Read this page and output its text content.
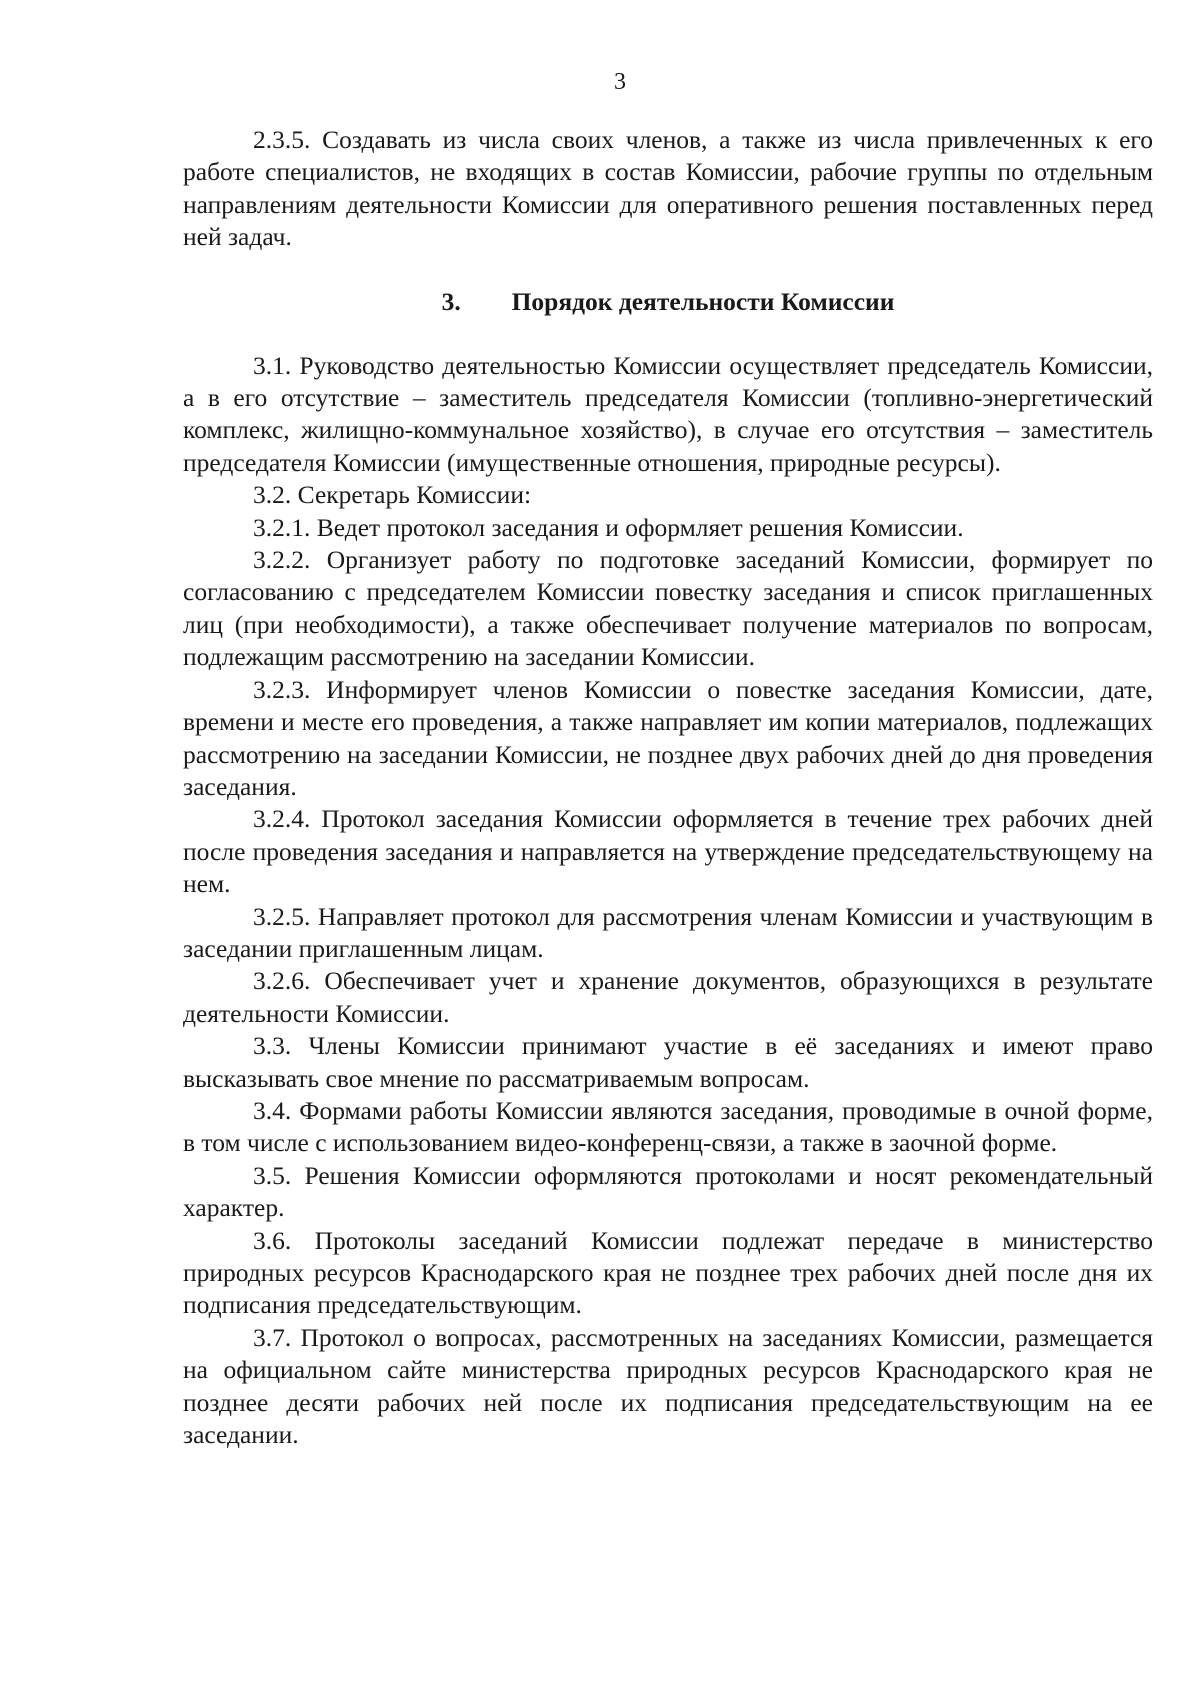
3

2.3.5. Создавать из числа своих членов, а также из числа привлеченных к его работе специалистов, не входящих в состав Комиссии, рабочие группы по отдельным направлениям деятельности Комиссии для оперативного решения поставленных перед ней задач.

3. Порядок деятельности Комиссии

3.1. Руководство деятельностью Комиссии осуществляет председатель Комиссии, а в его отсутствие – заместитель председателя Комиссии (топливно-энергетический комплекс, жилищно-коммунальное хозяйство), в случае его отсутствия – заместитель председателя Комиссии (имущественные отношения, природные ресурсы).

3.2. Секретарь Комиссии:

3.2.1. Ведет протокол заседания и оформляет решения Комиссии.

3.2.2. Организует работу по подготовке заседаний Комиссии, формирует по согласованию с председателем Комиссии повестку заседания и список приглашенных лиц (при необходимости), а также обеспечивает получение материалов по вопросам, подлежащим рассмотрению на заседании Комиссии.

3.2.3. Информирует членов Комиссии о повестке заседания Комиссии, дате, времени и месте его проведения, а также направляет им копии материалов, подлежащих рассмотрению на заседании Комиссии, не позднее двух рабочих дней до дня проведения заседания.

3.2.4. Протокол заседания Комиссии оформляется в течение трех рабочих дней после проведения заседания и направляется на утверждение председательствующему на нем.

3.2.5. Направляет протокол для рассмотрения членам Комиссии и участвующим в заседании приглашенным лицам.

3.2.6. Обеспечивает учет и хранение документов, образующихся в результате деятельности Комиссии.

3.3. Члены Комиссии принимают участие в её заседаниях и имеют право высказывать свое мнение по рассматриваемым вопросам.

3.4. Формами работы Комиссии являются заседания, проводимые в очной форме, в том числе с использованием видео-конференц-связи, а также в заочной форме.

3.5. Решения Комиссии оформляются протоколами и носят рекомендательный характер.

3.6. Протоколы заседаний Комиссии подлежат передаче в министерство природных ресурсов Краснодарского края не позднее трех рабочих дней после дня их подписания председательствующим.

3.7. Протокол о вопросах, рассмотренных на заседаниях Комиссии, размещается на официальном сайте министерства природных ресурсов Краснодарского края не позднее десяти рабочих ней после их подписания председательствующим на ее заседании.
